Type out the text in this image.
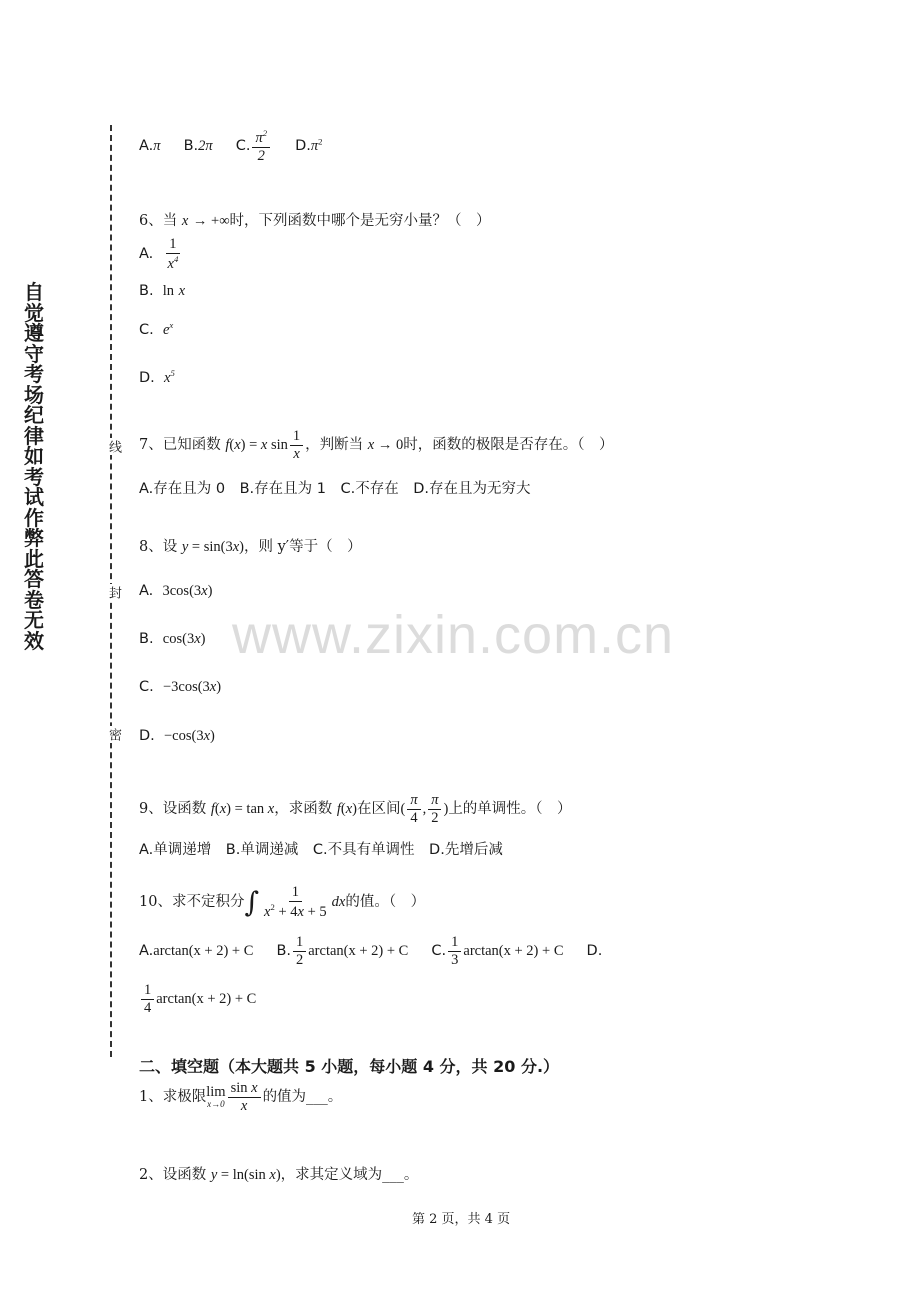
自
觉
遵
守
考
场
纪
律
如
考
试
作
弊
此
答
卷
无
效
线
封
密
www.zixin.com.cn
A.π B.2π C. $\frac{\pi^2}{2} D.\pi^2$
6、当 x → +∞时，下列函数中哪个是无穷小量？（　）
A. $\frac{1}{x^4}$
B. ln x
C. $e^x$
D. $x^5$
7、已知函数 f(x) = x $\sin \frac{1}{x}$ ，判断当 x → 0时，函数的极限是否存在。（　）
A.存在且为 0　B.存在且为 1　C.不存在　D.存在且为无穷大
8、设 y = sin(3x)，则 y′等于（　）
A. 3cos(3x)
B. cos(3x)
C. −3cos(3x)
D. −cos(3x)
9、设函数 f(x) = tan x，求函数 f(x)在区间( $\frac{\pi}{4}$ , $\frac{\pi}{2}$ )上的单调性。（　）
A.单调递增　B.单调递减　C.不具有单调性　D.先增后减
10、求不定积分∫ $\frac{1}{x^2 + 4x + 5}$ dx的值。（　）
A.arctan(x + 2) + C B. $\frac{1}{2} \arctan(x + 2) + C$ C. $\frac{1}{3} \arctan(x + 2) + C$ D.
$\frac{1}{4} \arctan(x + 2) + C$
二、填空题（本大题共 5 小题，每小题 4 分，共 20 分.）
1、求极限 lim
$x\to 0 \frac{\text{sin x}}{x}$ 的值为___。
2、设函数 y = ln(sin x)，求其定义域为___。
第 2 页，共 4 页
